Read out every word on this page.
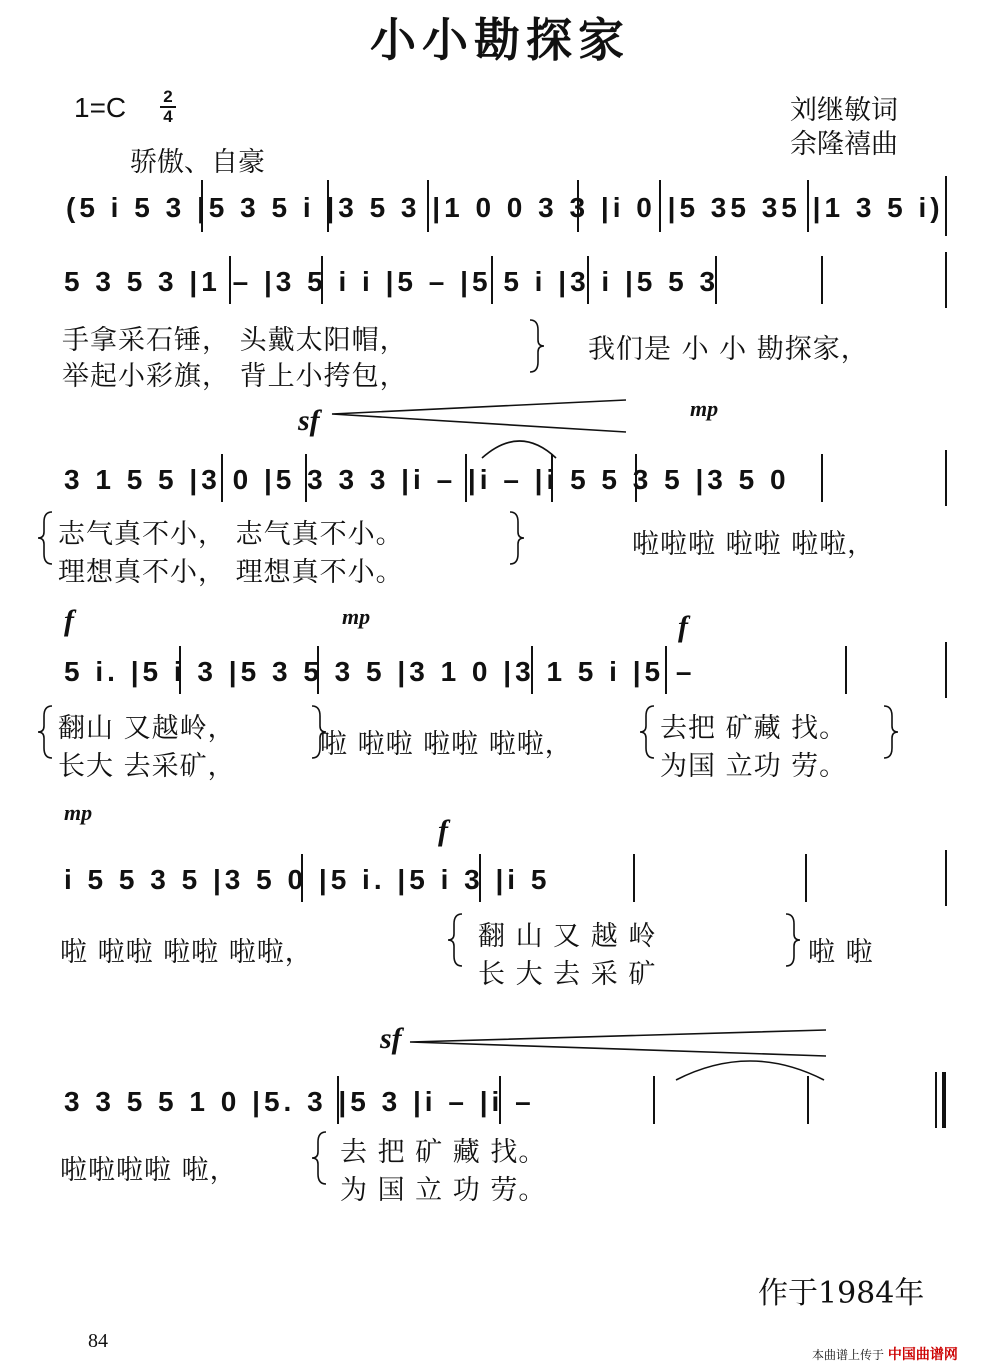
小小勘探家
1=C	2
4
骄傲、自豪
刘继敏词
余隆禧曲
(5 i 5 3 |5 3 5 i |3 5 3 |1 0 0 3 3 |i 0 |5 35 35 |1 3 5 i)
5 3 5 3 |1 – |3 5 i i |5 – |5 5 i |3 i |5 5 3
手拿采石锤， 头戴太阳帽，
举起小彩旗， 背上小挎包，
我们是 小 小 勘探家，
sf	mp
3 1 5 5 |3 0 |5 3 3 3 |i – |i – |i 5 5 3 5 |3 5 0
志气真不小， 志气真不小。
理想真不小， 理想真不小。
啦啦啦 啦啦 啦啦，
f	mp	f
5 i. |5 i 3 |5 3 5 3 5 |3 1 0 |3 1 5 i |5 –
翻山 又越岭，
长大 去采矿，
啦 啦啦 啦啦 啦啦，
去把 矿藏 找。
为国 立功 劳。
mp
f
i 5 5 3 5 |3 5 0 |5 i. |5 i 3 |i 5
啦 啦啦 啦啦 啦啦，
翻 山 又 越 岭
长 大 去 采 矿
啦 啦
sf
3 3 5 5 1 0 |5. 3 |5 3 |i – |i –
啦啦啦啦 啦，
去 把 矿 藏 找。
为 国 立 功 劳。
作于1984年
84
本曲谱上传于 中国曲谱网
